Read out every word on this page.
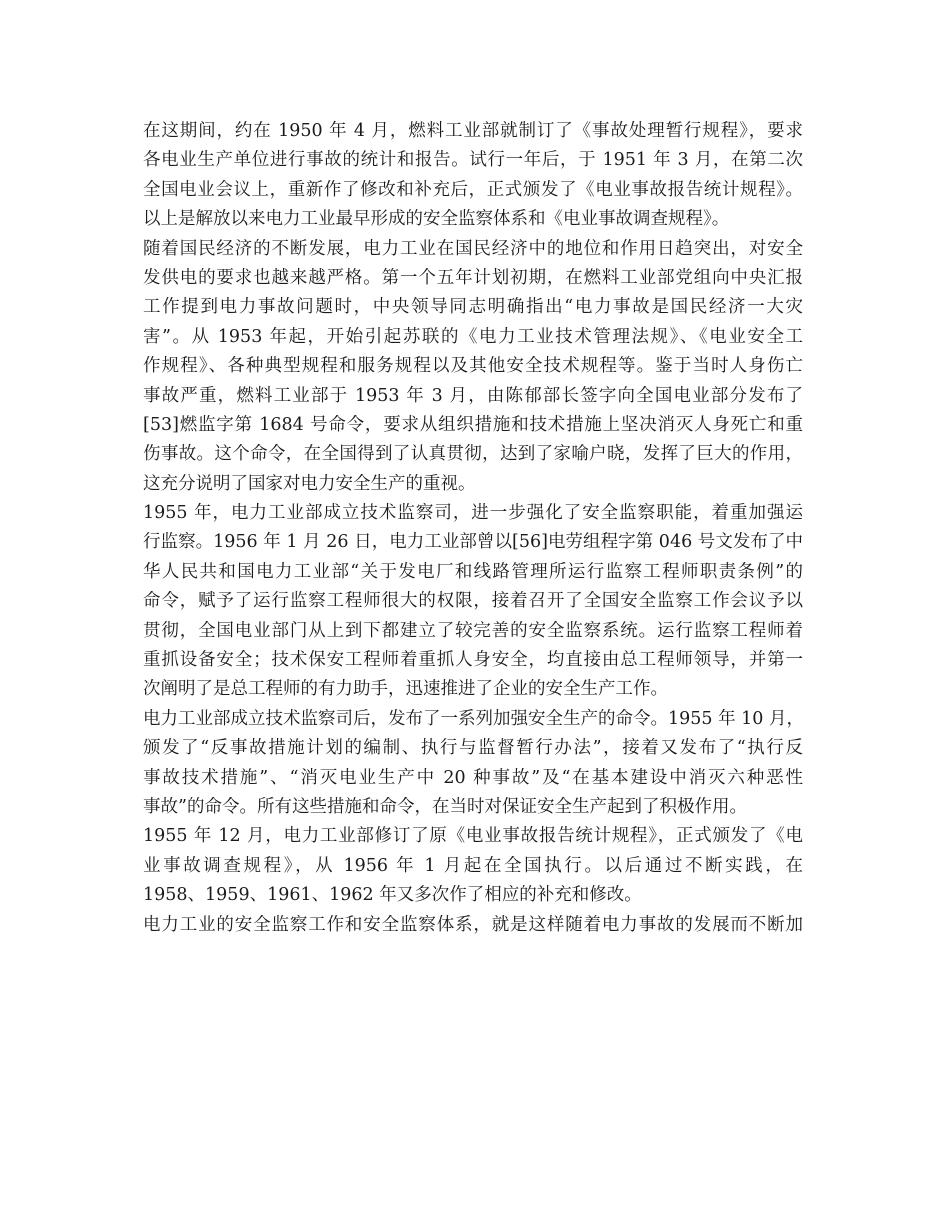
在这期间，约在 1950 年 4 月，燃料工业部就制订了《事故处理暂行规程》，要求
各电业生产单位进行事故的统计和报告。试行一年后，于 1951 年 3 月，在第二次
全国电业会议上，重新作了修改和补充后，正式颁发了《电业事故报告统计规程》。
以上是解放以来电力工业最早形成的安全监察体系和《电业事故调查规程》。
随着国民经济的不断发展，电力工业在国民经济中的地位和作用日趋突出，对安全
发供电的要求也越来越严格。第一个五年计划初期，在燃料工业部党组向中央汇报
工作提到电力事故问题时，中央领导同志明确指出“电力事故是国民经济一大灾
害”。从 1953 年起，开始引起苏联的《电力工业技术管理法规》、《电业安全工
作规程》、各种典型规程和服务规程以及其他安全技术规程等。鉴于当时人身伤亡
事故严重，燃料工业部于 1953 年 3 月，由陈郁部长签字向全国电业部分发布了
[53]燃监字第 1684 号命令，要求从组织措施和技术措施上坚决消灭人身死亡和重
伤事故。这个命令，在全国得到了认真贯彻，达到了家喻户晓，发挥了巨大的作用，
这充分说明了国家对电力安全生产的重视。
1955 年，电力工业部成立技术监察司，进一步强化了安全监察职能，着重加强运
行监察。1956 年 1 月 26 日，电力工业部曾以[56]电劳组程字第 046 号文发布了中
华人民共和国电力工业部“关于发电厂和线路管理所运行监察工程师职责条例”的
命令，赋予了运行监察工程师很大的权限，接着召开了全国安全监察工作会议予以
贯彻，全国电业部门从上到下都建立了较完善的安全监察系统。运行监察工程师着
重抓设备安全；技术保安工程师着重抓人身安全，均直接由总工程师领导，并第一
次阐明了是总工程师的有力助手，迅速推进了企业的安全生产工作。
电力工业部成立技术监察司后，发布了一系列加强安全生产的命令。1955 年 10 月，
颁发了“反事故措施计划的编制、执行与监督暂行办法”，接着又发布了“执行反
事故技术措施”、“消灭电业生产中 20 种事故”及“在基本建设中消灭六种恶性
事故”的命令。所有这些措施和命令，在当时对保证安全生产起到了积极作用。
1955 年 12 月，电力工业部修订了原《电业事故报告统计规程》，正式颁发了《电
业事故调查规程》，从 1956 年 1 月起在全国执行。以后通过不断实践，在
1958、1959、1961、1962 年又多次作了相应的补充和修改。
电力工业的安全监察工作和安全监察体系，就是这样随着电力事故的发展而不断加
